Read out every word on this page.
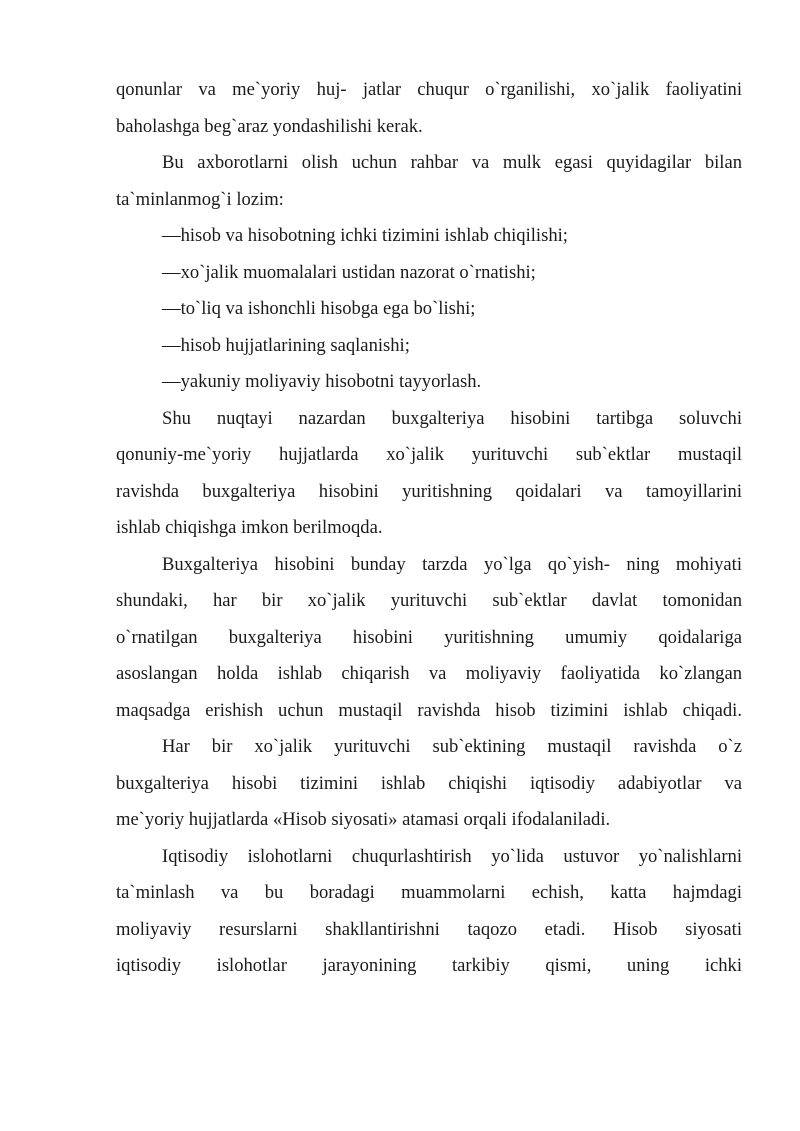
qonunlar va me`yoriy huj- jatlar chuqur o`rganilishi, xo`jalik faoliyatini
baholashga beg`araz yondashilishi kerak.
Bu axborotlarni olish uchun rahbar va mulk egasi quyidagilar bilan
ta`minlanmog`i lozim:
—hisob va hisobotning ichki tizimini ishlab chiqilishi;
—xo`jalik muomalalari ustidan nazorat o`rnatishi;
—to`liq va ishonchli hisobga ega bo`lishi;
—hisob hujjatlarining saqlanishi;
—yakuniy moliyaviy hisobotni tayyorlash.
Shu nuqtayi nazardan buxgalteriya hisobini tartibga soluvchi
qonuniy-me`yoriy hujjatlarda xo`jalik yurituvchi sub`ektlar mustaqil
ravishda buxgalteriya hisobini yuritishning qoidalari va tamoyillarini
ishlab chiqishga imkon berilmoqda.
Buxgalteriya hisobini bunday tarzda yo`lga qo`yish- ning mohiyati
shundaki, har bir xo`jalik yurituvchi sub`ektlar davlat tomonidan
o`rnatilgan buxgalteriya hisobini yuritishning umumiy qoidalariga
asoslangan holda ishlab chiqarish va moliyaviy faoliyatida ko`zlangan
maqsadga erishish uchun mustaqil ravishda hisob tizimini ishlab chiqadi.
Har bir xo`jalik yurituvchi sub`ektining mustaqil ravishda o`z
buxgalteriya hisobi tizimini ishlab chiqishi iqtisodiy adabiyotlar va
me`yoriy hujjatlarda «Hisob siyosati» atamasi orqali ifodalaniladi.
Iqtisodiy islohotlarni chuqurlashtirish yo`lida ustuvor yo`nalishlarni
ta`minlash va bu boradagi muammolarni echish, katta hajmdagi
moliyaviy resurslarni shakllantirishni taqozo etadi. Hisob siyosati
iqtisodiy islohotlar jarayonining tarkibiy qismi, uning ichki
